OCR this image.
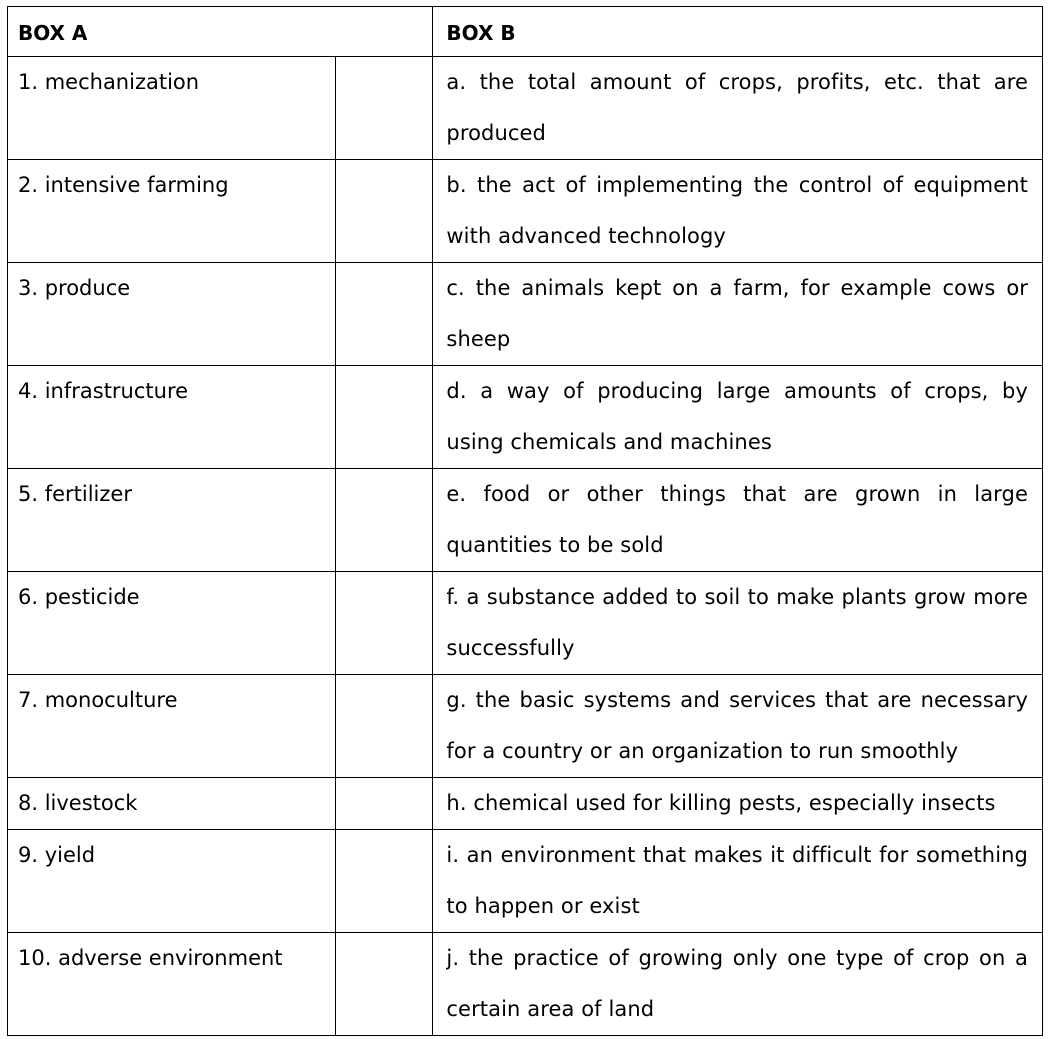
BOX A		BOX B
1. mechanization		a. the total amount of crops, profits, etc. that are produced
2. intensive farming		b. the act of implementing the control of equipment with advanced technology
3. produce		c. the animals kept on a farm, for example cows or sheep
4. infrastructure		d. a way of producing large amounts of crops, by using chemicals and machines
5. fertilizer		e. food or other things that are grown in large quantities to be sold
6. pesticide		f. a substance added to soil to make plants grow more successfully
7. monoculture		g. the basic systems and services that are necessary for a country or an organization to run smoothly
8. livestock		h. chemical used for killing pests, especially insects
9. yield		i. an environment that makes it difficult for something to happen or exist
10. adverse environment		j. the practice of growing only one type of crop on a certain area of land
